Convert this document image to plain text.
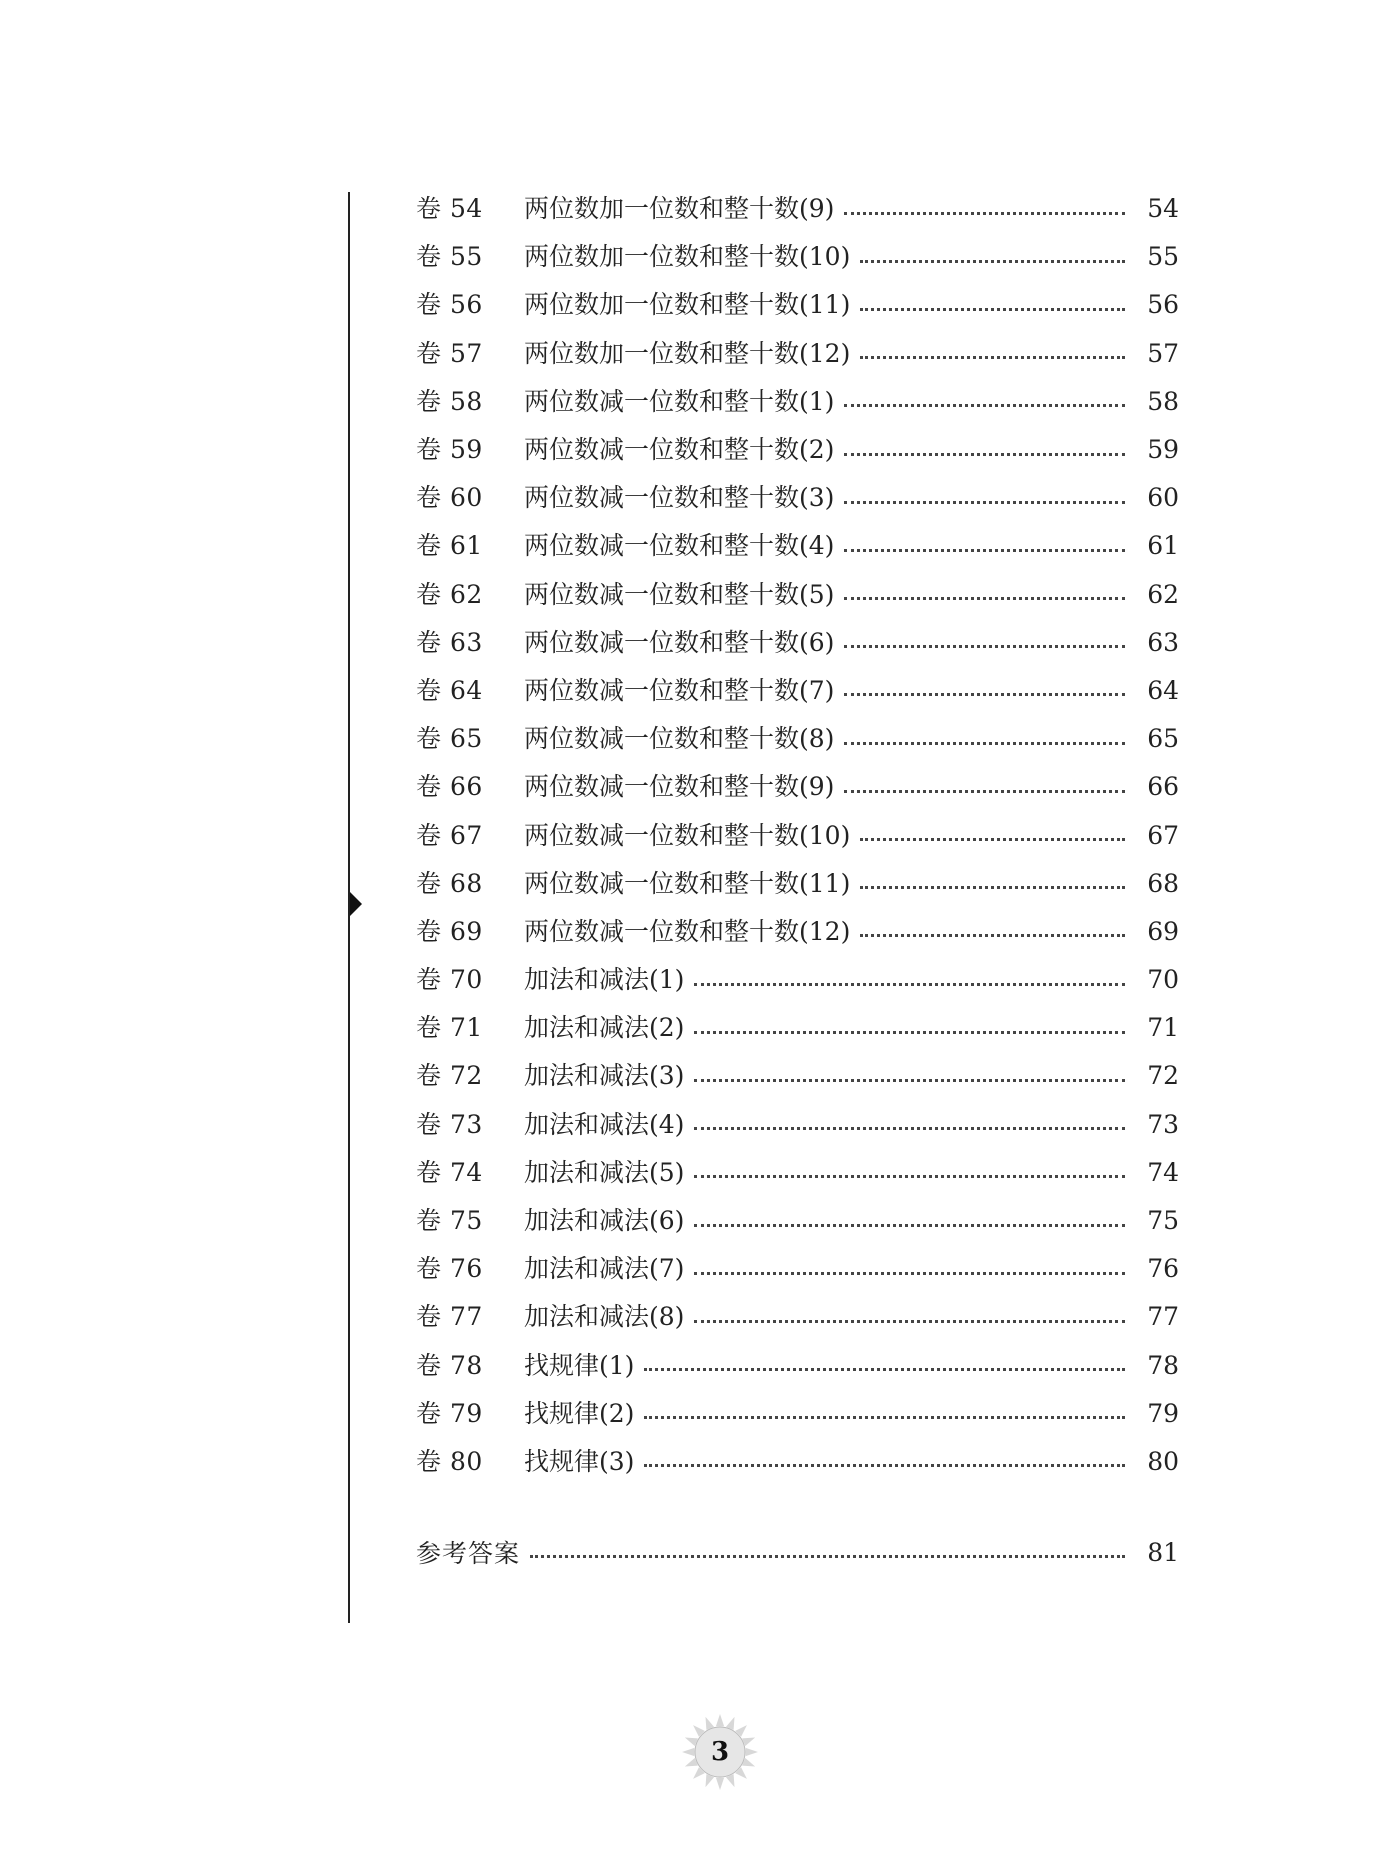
卷 54	两位数加一位数和整十数(9)	54
卷 55	两位数加一位数和整十数(10)	55
卷 56	两位数加一位数和整十数(11)	56
卷 57	两位数加一位数和整十数(12)	57
卷 58	两位数减一位数和整十数(1)	58
卷 59	两位数减一位数和整十数(2)	59
卷 60	两位数减一位数和整十数(3)	60
卷 61	两位数减一位数和整十数(4)	61
卷 62	两位数减一位数和整十数(5)	62
卷 63	两位数减一位数和整十数(6)	63
卷 64	两位数减一位数和整十数(7)	64
卷 65	两位数减一位数和整十数(8)	65
卷 66	两位数减一位数和整十数(9)	66
卷 67	两位数减一位数和整十数(10)	67
卷 68	两位数减一位数和整十数(11)	68
卷 69	两位数减一位数和整十数(12)	69
卷 70	加法和减法(1)	70
卷 71	加法和减法(2)	71
卷 72	加法和减法(3)	72
卷 73	加法和减法(4)	73
卷 74	加法和减法(5)	74
卷 75	加法和减法(6)	75
卷 76	加法和减法(7)	76
卷 77	加法和减法(8)	77
卷 78	找规律(1)	78
卷 79	找规律(2)	79
卷 80	找规律(3)	80
参考答案	81
3
